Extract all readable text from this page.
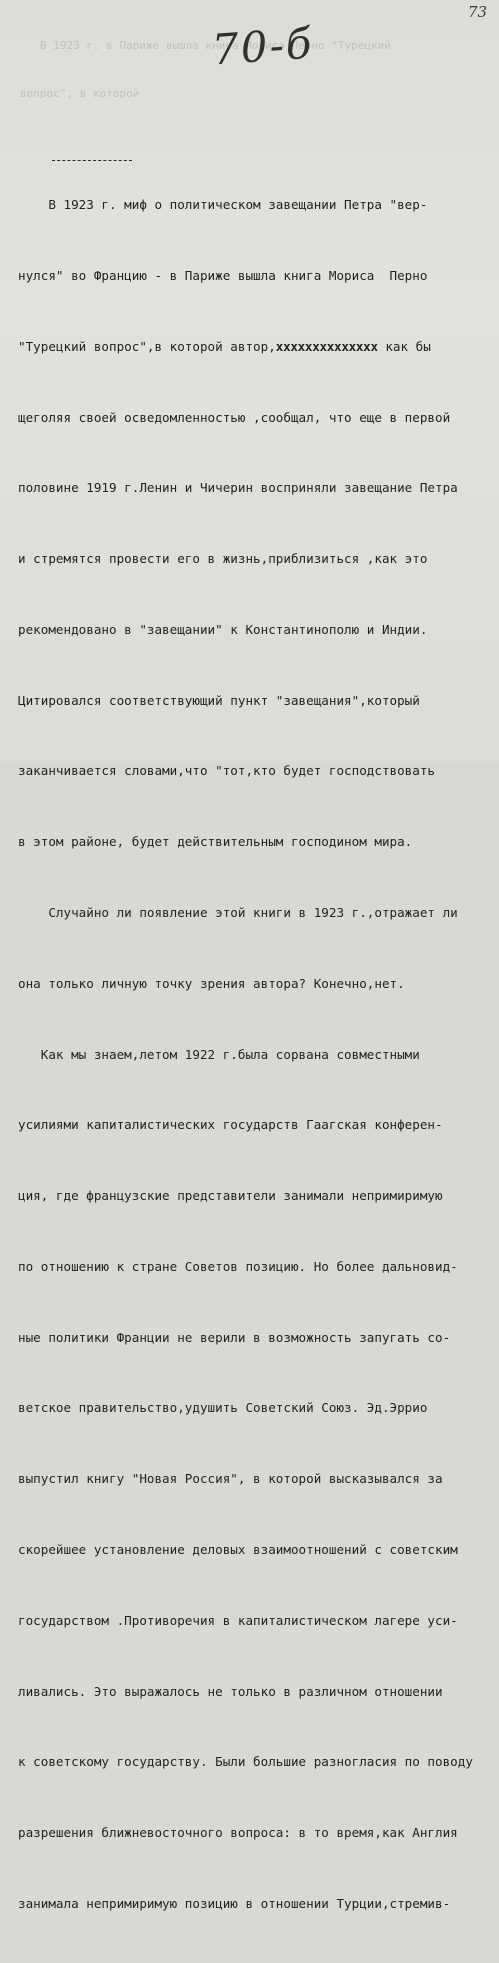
В 1923 г. в Париже вышла книга Мориса Перно "Турецкий

вопрос", в которой

70-б
73

В 1923 г. миф о политическом завещании Петра "вер-

нулся" во Францию - в Париже вышла книга Мориса  Перно

"Турецкий вопрос",в которой автор,хххххххххххххх как бы

щеголяя своей осведомленностью ,сообщал, что еще в первой

половине 1919 г.Ленин и Чичерин восприняли завещание Петра

и стремятся провести его в жизнь,приблизиться ,как это

рекомендовано в "завещании" к Константинополю и Индии.

Цитировался соответствующий пункт "завещания",который

заканчивается словами,что "тот,кто будет господствовать

в этом районе, будет действительным господином мира.

Случайно ли появление этой книги в 1923 г.,отражает ли

она только личную точку зрения автора? Конечно,нет.

Как мы знаем,летом 1922 г.была сорвана совместными

усилиями капиталистических государств Гаагская конферен-

ция, где французские представители занимали непримиримую

по отношению к стране Советов позицию. Но более дальновид-

ные политики Франции не верили в возможность запугать со-

ветское правительство,удушить Советский Союз. Эд.Эррио

выпустил книгу "Новая Россия", в которой высказывался за

скорейшее установление деловых взаимоотношений с советским

государством .Противоречия в капиталистическом лагере уси-

ливались. Это выражалось не только в различном отношении

к советскому государству. Были большие разногласия по поводу

разрешения ближневосточного вопроса: в то время,как Англия

занимала непримиримую позицию в отношении Турции,стремив-
